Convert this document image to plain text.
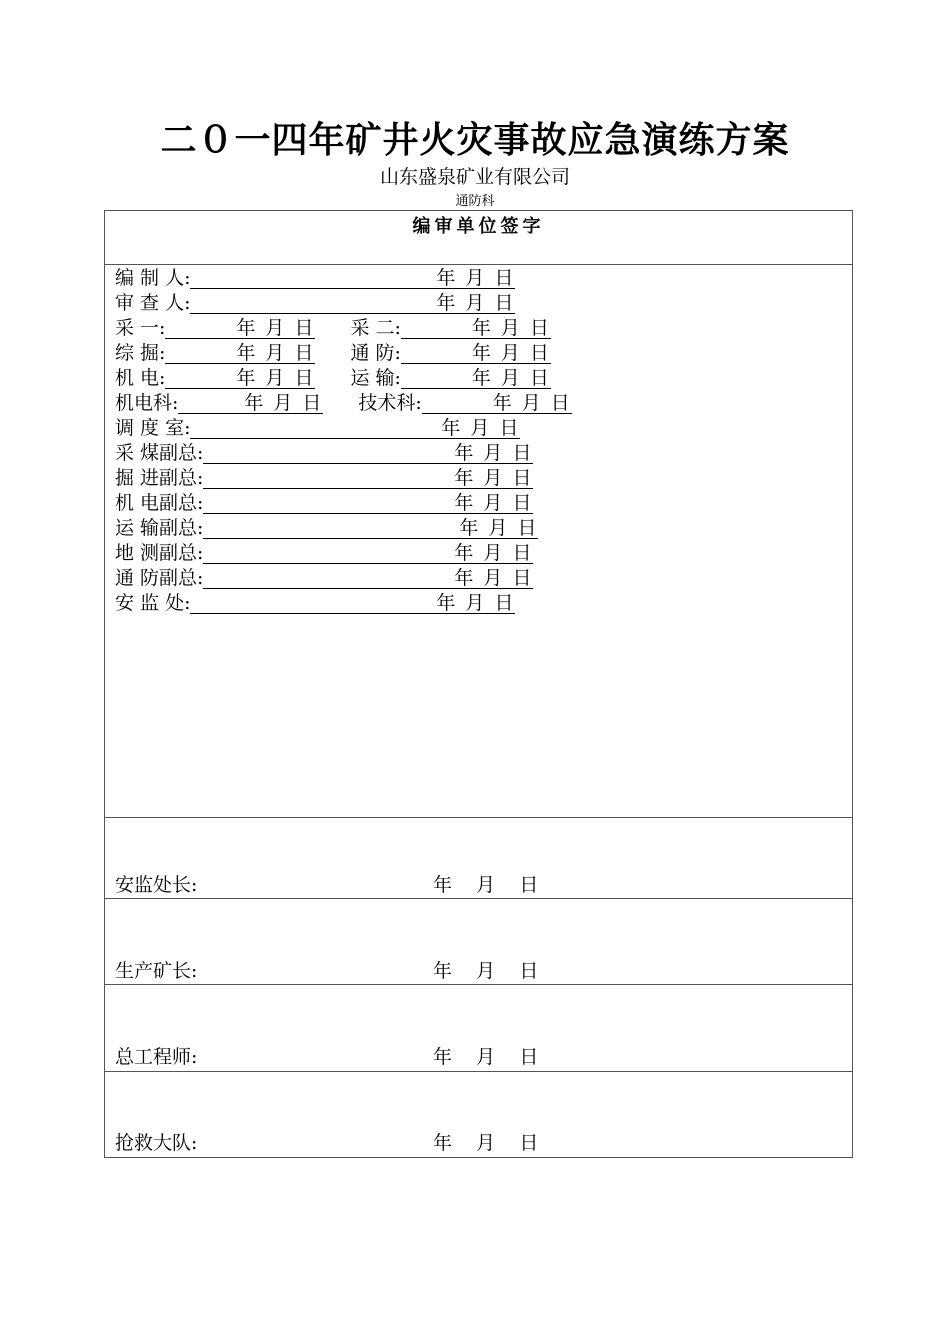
二０一四年矿井火灾事故应急演练方案
山东盛泉矿业有限公司
通防科
编审单位签字
编 制 人:	年 月 日
审 查 人:	年 月 日
采 一:	年 月 日 采 二:	年 月 日
综 掘:	年 月 日 通 防:	年 月 日
机 电:	年 月 日 运 输:	年 月 日
机电科:	年 月 日 技术科:	年 月 日
调 度 室:	年 月 日
采 煤副总:	年 月 日
掘 进副总:	年 月 日
机 电副总:	年 月 日
运 输副总:	年 月 日
地 测副总:	年 月 日
通 防副总:	年 月 日
安 监 处:	年 月 日
安监处长:	年    月    日
生产矿长:	年    月    日
总工程师:	年    月    日
抢救大队:	年    月    日
